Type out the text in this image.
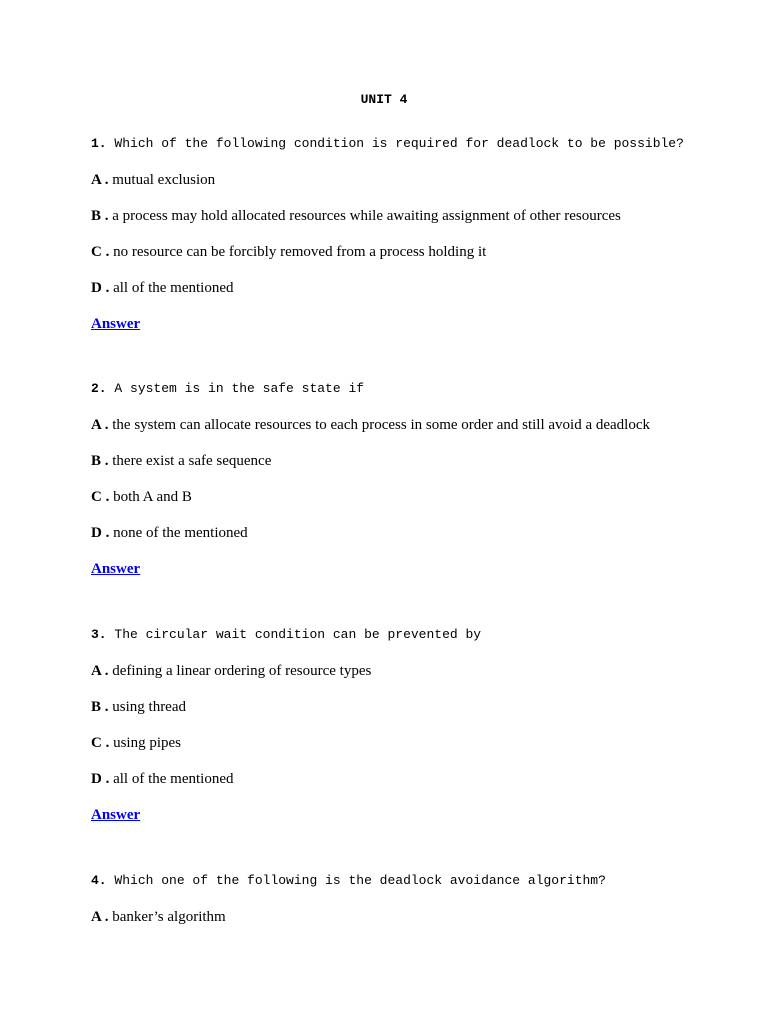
UNIT 4
1. Which of the following condition is required for deadlock to be possible?
A . mutual exclusion
B . a process may hold allocated resources while awaiting assignment of other resources
C . no resource can be forcibly removed from a process holding it
D . all of the mentioned
Answer
2. A system is in the safe state if
A . the system can allocate resources to each process in some order and still avoid a deadlock
B . there exist a safe sequence
C . both A and B
D . none of the mentioned
Answer
3. The circular wait condition can be prevented by
A . defining a linear ordering of resource types
B . using thread
C . using pipes
D . all of the mentioned
Answer
4. Which one of the following is the deadlock avoidance algorithm?
A . banker’s algorithm
